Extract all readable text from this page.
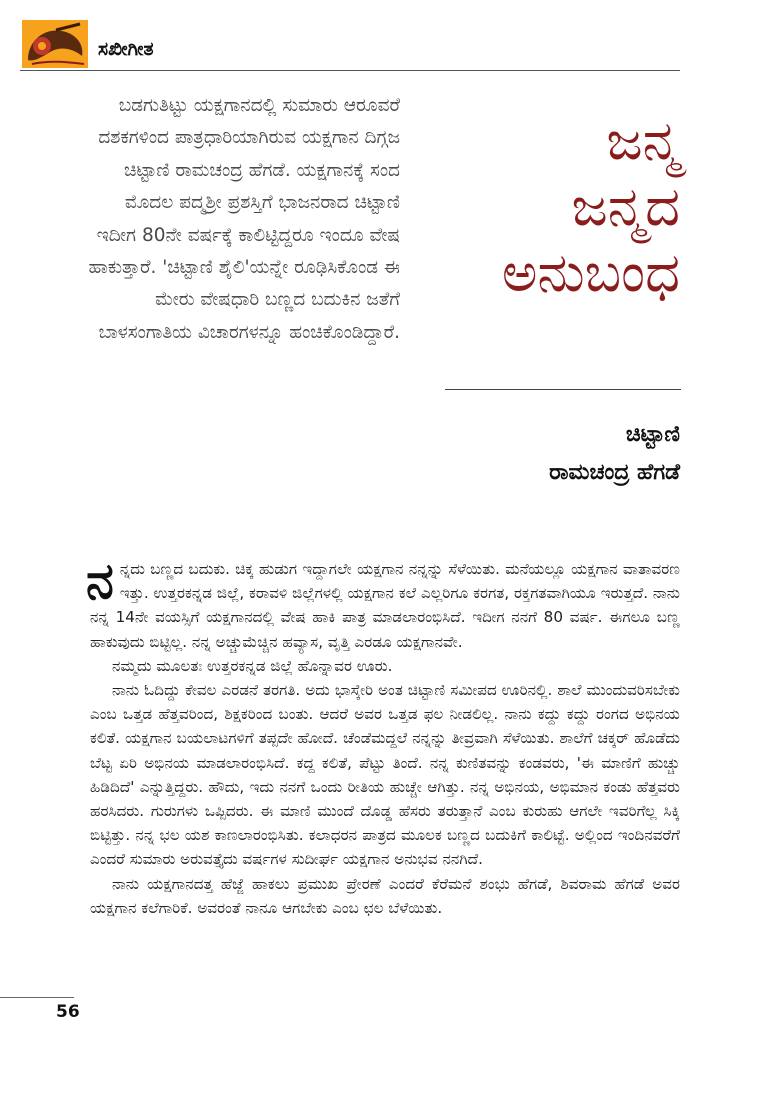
ಸಖೀಗೀತ

ಬಡಗುತಿಟ್ಟು ಯಕ್ಷಗಾನದಲ್ಲಿ ಸುಮಾರು ಆರೂವರೆ ದಶಕಗಳಿಂದ ಪಾತ್ರಧಾರಿಯಾಗಿರುವ ಯಕ್ಷಗಾನ ದಿಗ್ಗಜ ಚಿಟ್ಟಾಣಿ ರಾಮಚಂದ್ರ ಹೆಗಡೆ. ಯಕ್ಷಗಾನಕ್ಕೆ ಸಂದ ಮೊದಲ ಪದ್ಮಶ್ರೀ ಪ್ರಶಸ್ತಿಗೆ ಭಾಜನರಾದ ಚಿಟ್ಟಾಣಿ ಇದೀಗ 80ನೇ ವರ್ಷಕ್ಕೆ ಕಾಲಿಟ್ಟಿದ್ದರೂ ಇಂದೂ ವೇಷ ಹಾಕುತ್ತಾರೆ. 'ಚಿಟ್ಟಾಣಿ ಶೈಲಿ'ಯನ್ನೇ ರೂಢಿಸಿಕೊಂಡ ಈ ಮೇರು ವೇಷಧಾರಿ ಬಣ್ಣದ ಬದುಕಿನ ಜತೆಗೆ ಬಾಳಸಂಗಾತಿಯ ವಿಚಾರಗಳನ್ನೂ ಹಂಚಿಕೊಂಡಿದ್ದಾರೆ.

ಜನ್ಮ
ಜನ್ಮದ
ಅನುಬಂಧ
ಚಿಟ್ಟಾಣಿ
ರಾಮಚಂದ್ರ ಹೆಗಡೆ

ನ ನ್ನದು ಬಣ್ಣದ ಬದುಕು. ಚಿಕ್ಕ ಹುಡುಗ ಇದ್ದಾಗಲೇ ಯಕ್ಷಗಾನ ನನ್ನನ್ನು ಸೆಳೆಯಿತು. ಮನೆಯಲ್ಲೂ ಯಕ್ಷಗಾನ ವಾತಾವರಣ ಇತ್ತು. ಉತ್ತರಕನ್ನಡ ಜಿಲ್ಲೆ, ಕರಾವಳಿ ಜಿಲ್ಲೆಗಳಲ್ಲಿ ಯಕ್ಷಗಾನ ಕಲೆ ಎಲ್ಲರಿಗೂ ಕರಗತ, ರಕ್ತಗತವಾಗಿಯೂ ಇರುತ್ತದೆ. ನಾನು ನನ್ನ 14ನೇ ವಯಸ್ಸಿಗೆ ಯಕ್ಷಗಾನದಲ್ಲಿ ವೇಷ ಹಾಕಿ ಪಾತ್ರ ಮಾಡಲಾರಂಭಿಸಿದೆ. ಇದೀಗ ನನಗೆ 80 ವರ್ಷ. ಈಗಲೂ ಬಣ್ಣ ಹಾಕುವುದು ಬಿಟ್ಟಿಲ್ಲ. ನನ್ನ ಅಚ್ಚುಮೆಚ್ಚಿನ ಹವ್ಯಾಸ, ವೃತ್ತಿ ಎರಡೂ ಯಕ್ಷಗಾನವೇ.

ನಮ್ಮದು ಮೂಲತಃ ಉತ್ತರಕನ್ನಡ ಜಿಲ್ಲೆ ಹೊನ್ನಾವರ ಊರು.

ನಾನು ಓದಿದ್ದು ಕೇವಲ ಎರಡನೆ ತರಗತಿ. ಅದು ಭಾಸ್ಕೇರಿ ಅಂತ ಚಿಟ್ಟಾಣಿ ಸಮೀಪದ ಊರಿನಲ್ಲಿ. ಶಾಲೆ ಮುಂದುವರಿಸಬೇಕು ಎಂಬ ಒತ್ತಡ ಹೆತ್ತವರಿಂದ, ಶಿಕ್ಷಕರಿಂದ ಬಂತು. ಆದರೆ ಅವರ ಒತ್ತಡ ಫಲ ನೀಡಲಿಲ್ಲ. ನಾನು ಕದ್ದು ಕದ್ದು ರಂಗದ ಅಭಿನಯ ಕಲಿತೆ. ಯಕ್ಷಗಾನ ಬಯಲಾಟಗಳಿಗೆ ತಪ್ಪದೇ ಹೋದೆ. ಚೆಂಡೆಮದ್ದಲೆ ನನ್ನನ್ನು ತೀವ್ರವಾಗಿ ಸೆಳೆಯಿತು. ಶಾಲೆಗೆ ಚಕ್ಕರ್ ಹೊಡೆದು ಬೆಟ್ಟ ಏರಿ ಅಭಿನಯ ಮಾಡಲಾರಂಭಿಸಿದೆ. ಕದ್ದ ಕಲಿತೆ, ಪೆಟ್ಟು ತಿಂದೆ. ನನ್ನ ಕುಣಿತವನ್ನು ಕಂಡವರು, 'ಈ ಮಾಣಿಗೆ ಹುಚ್ಚು ಹಿಡಿದಿದೆ' ಎನ್ನುತ್ತಿದ್ದರು. ಹೌದು, ಇದು ನನಗೆ ಒಂದು ರೀತಿಯ ಹುಚ್ಚೇ ಆಗಿತ್ತು. ನನ್ನ ಅಭಿನಯ, ಅಭಿಮಾನ ಕಂಡು ಹೆತ್ತವರು ಹರಸಿದರು. ಗುರುಗಳು ಒಪ್ಪಿದರು. ಈ ಮಾಣಿ ಮುಂದೆ ದೊಡ್ಡ ಹೆಸರು ತರುತ್ತಾನೆ ಎಂಬ ಕುರುಹು ಆಗಲೇ ಇವರಿಗೆಲ್ಲ ಸಿಕ್ಕಿ ಬಿಟ್ಟಿತ್ತು. ನನ್ನ ಭಲ ಯಶ ಕಾಣಲಾರಂಭಿಸಿತು. ಕಲಾಧರನ ಪಾತ್ರದ ಮೂಲಕ ಬಣ್ಣದ ಬದುಕಿಗೆ ಕಾಲಿಟ್ಟೆ. ಅಲ್ಲಿಂದ ಇಂದಿನವರೆಗೆ ಎಂದರೆ ಸುಮಾರು ಅರುವತ್ತೈದು ವರ್ಷಗಳ ಸುದೀರ್ಘ ಯಕ್ಷಗಾನ ಅನುಭವ ನನಗಿದೆ.

ನಾನು ಯಕ್ಷಗಾನದತ್ತ ಹೆಜ್ಜೆ ಹಾಕಲು ಪ್ರಮುಖ ಪ್ರೇರಣೆ ಎಂದರೆ ಕೆರೆಮನೆ ಶಂಭು ಹೆಗಡೆ, ಶಿವರಾಮ ಹೆಗಡೆ ಅವರ ಯಕ್ಷಗಾನ ಕಲೆಗಾರಿಕೆ. ಅವರಂತೆ ನಾನೂ ಆಗಬೇಕು ಎಂಬ ಛಲ ಬೆಳೆಯಿತು.

56
